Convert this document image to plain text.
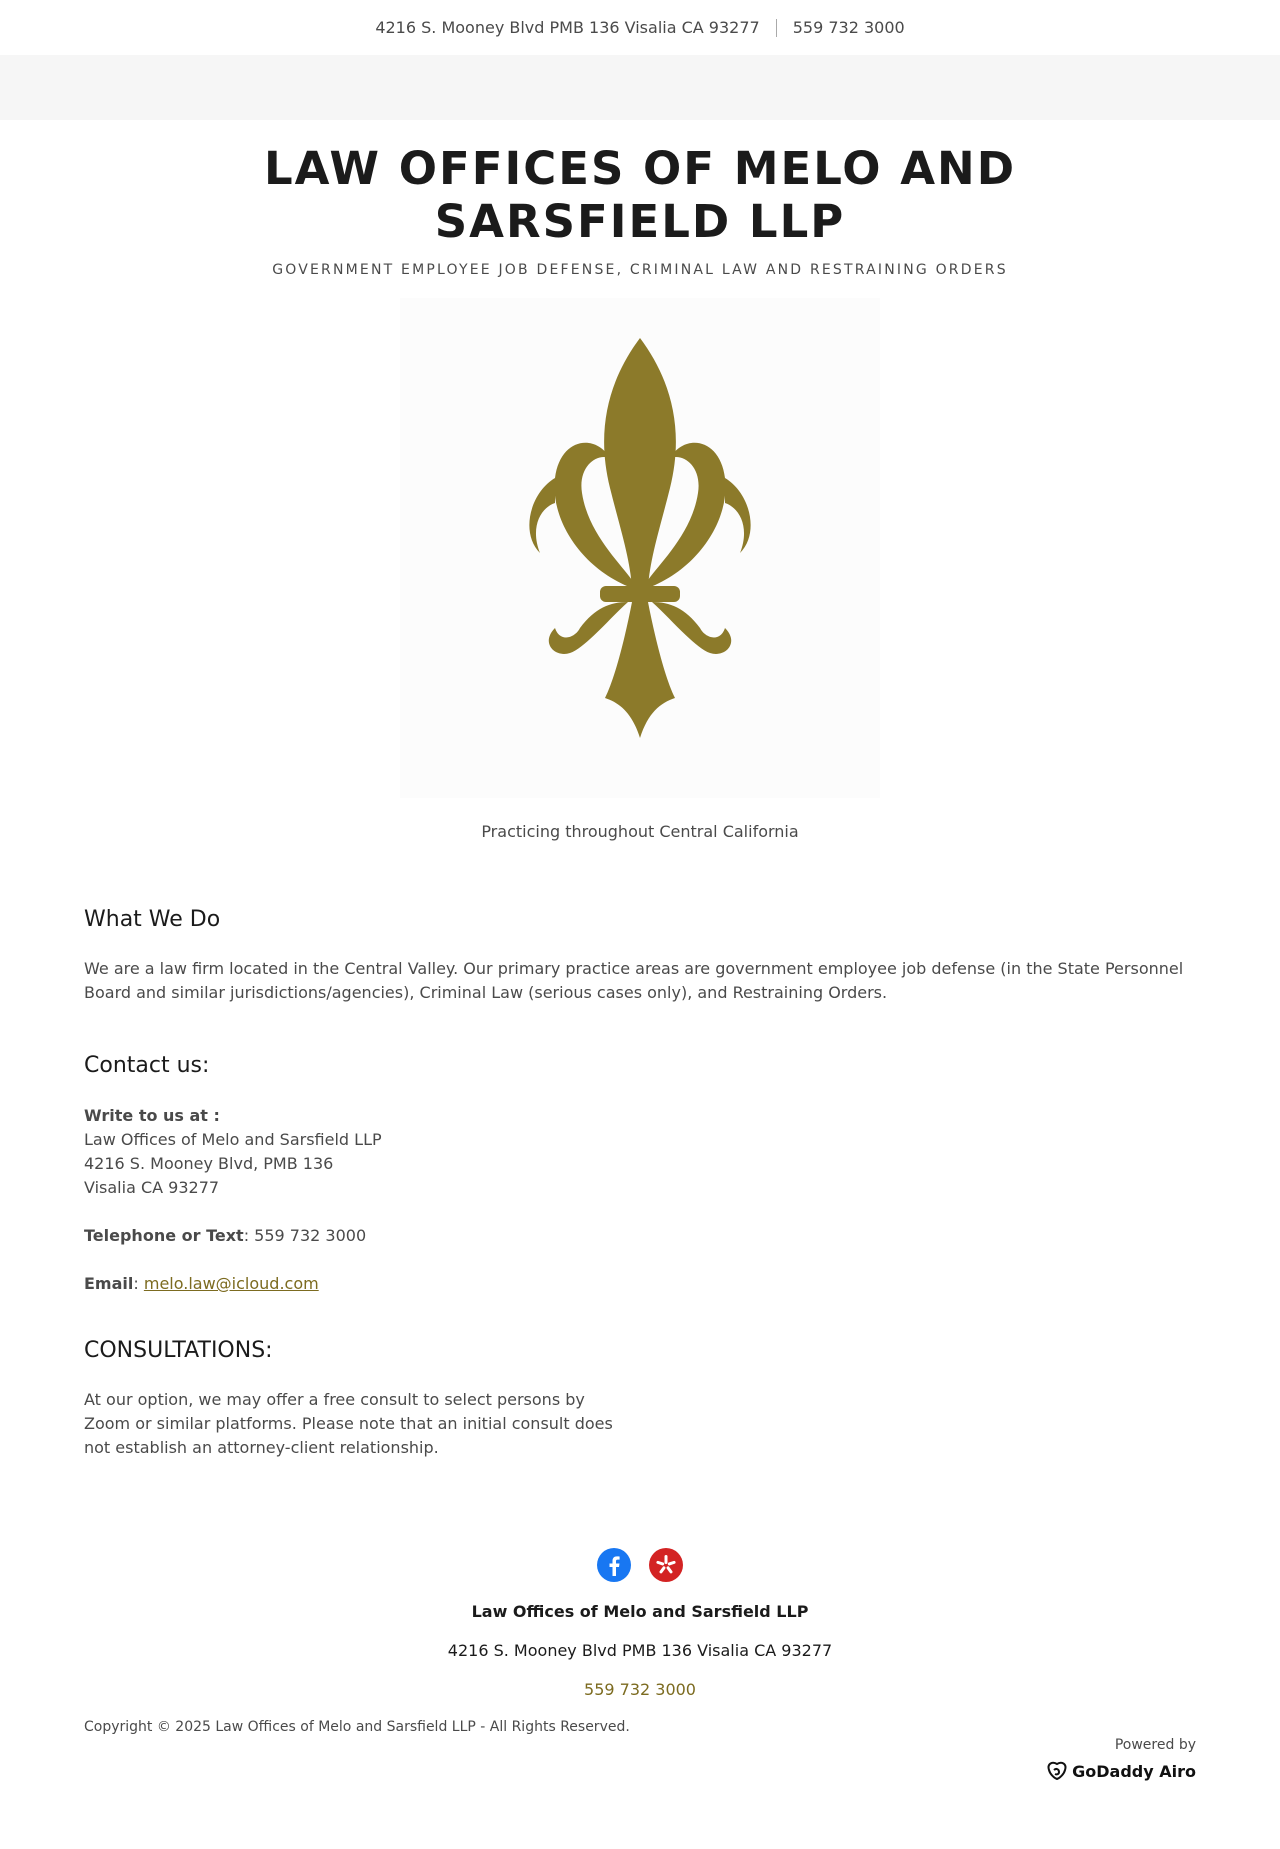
4216 S. Mooney Blvd PMB 136 Visalia CA 93277 559 732 3000
LAW OFFICES OF MELO AND SARSFIELD LLP
GOVERNMENT EMPLOYEE JOB DEFENSE, CRIMINAL LAW AND RESTRAINING ORDERS
Practicing throughout Central California
What We Do

We are a law firm located in the Central Valley. Our primary practice areas are government employee job defense (in the State Personnel Board and similar jurisdictions/agencies), Criminal Law (serious cases only), and Restraining Orders.

Contact us:

Write to us at :
Law Offices of Melo and Sarsfield LLP
4216 S. Mooney Blvd, PMB 136
Visalia CA 93277

Telephone or Text: 559 732 3000

Email: melo.law@icloud.com

CONSULTATIONS:

At our option, we may offer a free consult to select persons by Zoom or similar platforms. Please note that an initial consult does not establish an attorney-client relationship.

Law Offices of Melo and Sarsfield LLP
4216 S. Mooney Blvd PMB 136 Visalia CA 93277
559 732 3000
Copyright © 2025 Law Offices of Melo and Sarsfield LLP - All Rights Reserved.
Powered by
GoDaddy Airo
